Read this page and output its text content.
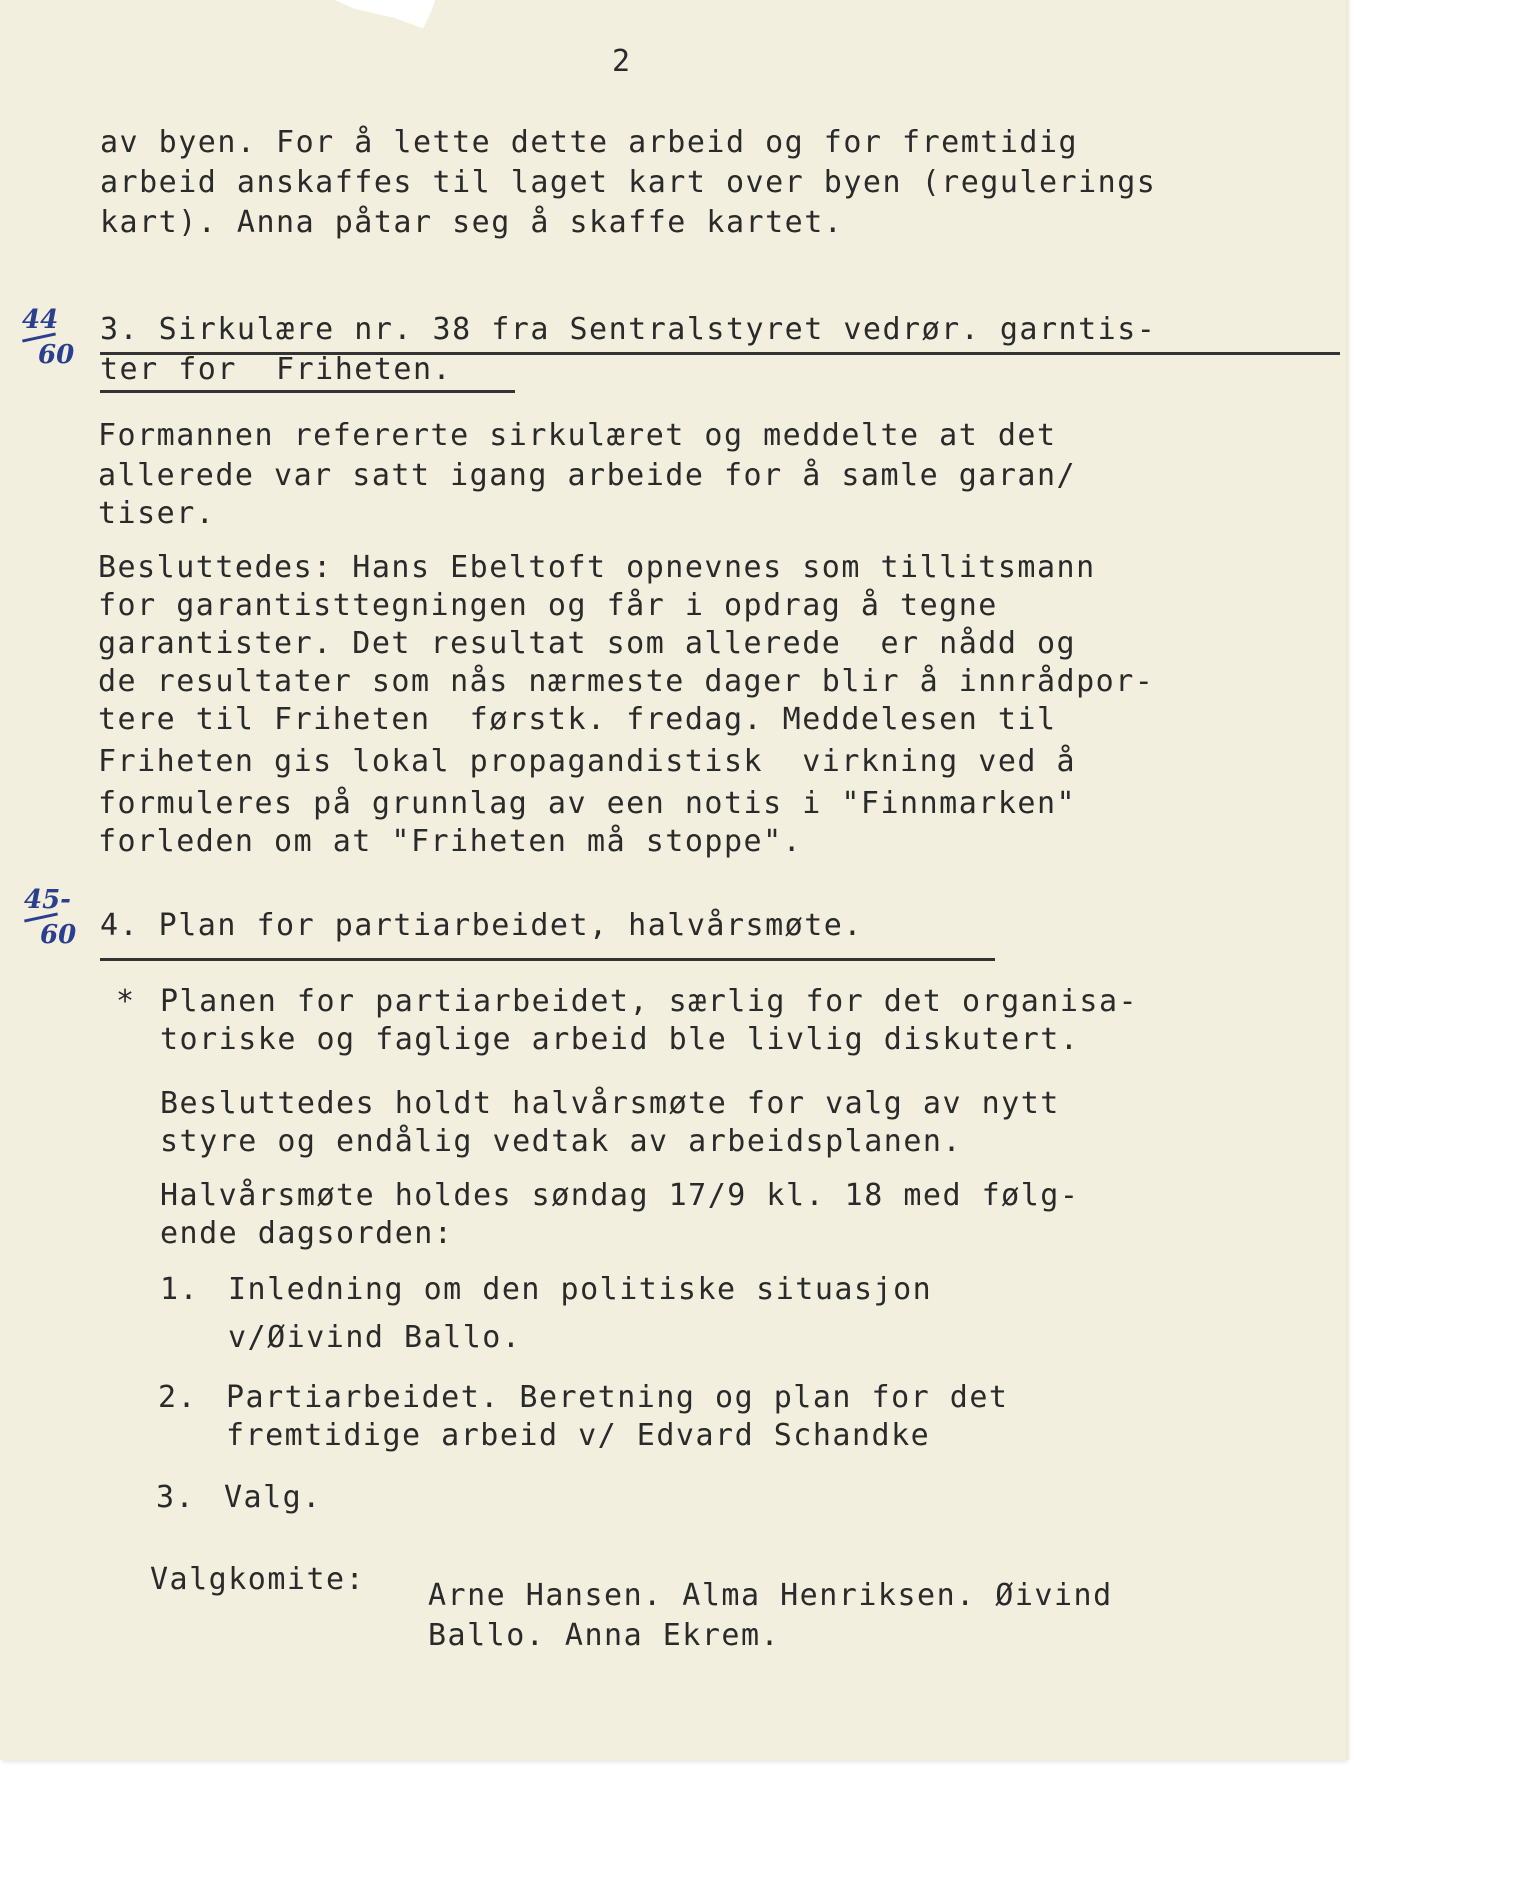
2
av byen. For å lette dette arbeid og for fremtidig
arbeid anskaffes til laget kart over byen (regulerings
kart). Anna påtar seg å skaffe kartet.
44
60
3. Sirkulære nr. 38 fra Sentralstyret vedrør. garntis-
ter for  Friheten.
Formannen refererte sirkulæret og meddelte at det
allerede var satt igang arbeide for å samle garan/
tiser.
Besluttedes: Hans Ebeltoft opnevnes som tillitsmann
for garantisttegningen og får i opdrag å tegne
garantister. Det resultat som allerede  er nådd og
de resultater som nås nærmeste dager blir å innrådpor-
tere til Friheten  førstk. fredag. Meddelesen til
Friheten gis lokal propagandistisk  virkning ved å
formuleres på grunnlag av een notis i "Finnmarken"
forleden om at "Friheten må stoppe".
45-
60 4. Plan for partiarbeidet, halvårsmøte.
* Planen for partiarbeidet, særlig for det organisa-
toriske og faglige arbeid ble livlig diskutert.
Besluttedes holdt halvårsmøte for valg av nytt
styre og endålig vedtak av arbeidsplanen.
Halvårsmøte holdes søndag 17/9 kl. 18 med følg-
ende dagsorden:
1. Inledning om den politiske situasjon
v/Øivind Ballo.
2. Partiarbeidet. Beretning og plan for det
fremtidige arbeid v/ Edvard Schandke
3. Valg.
Valgkomite: Arne Hansen. Alma Henriksen. Øivind
Ballo. Anna Ekrem.
